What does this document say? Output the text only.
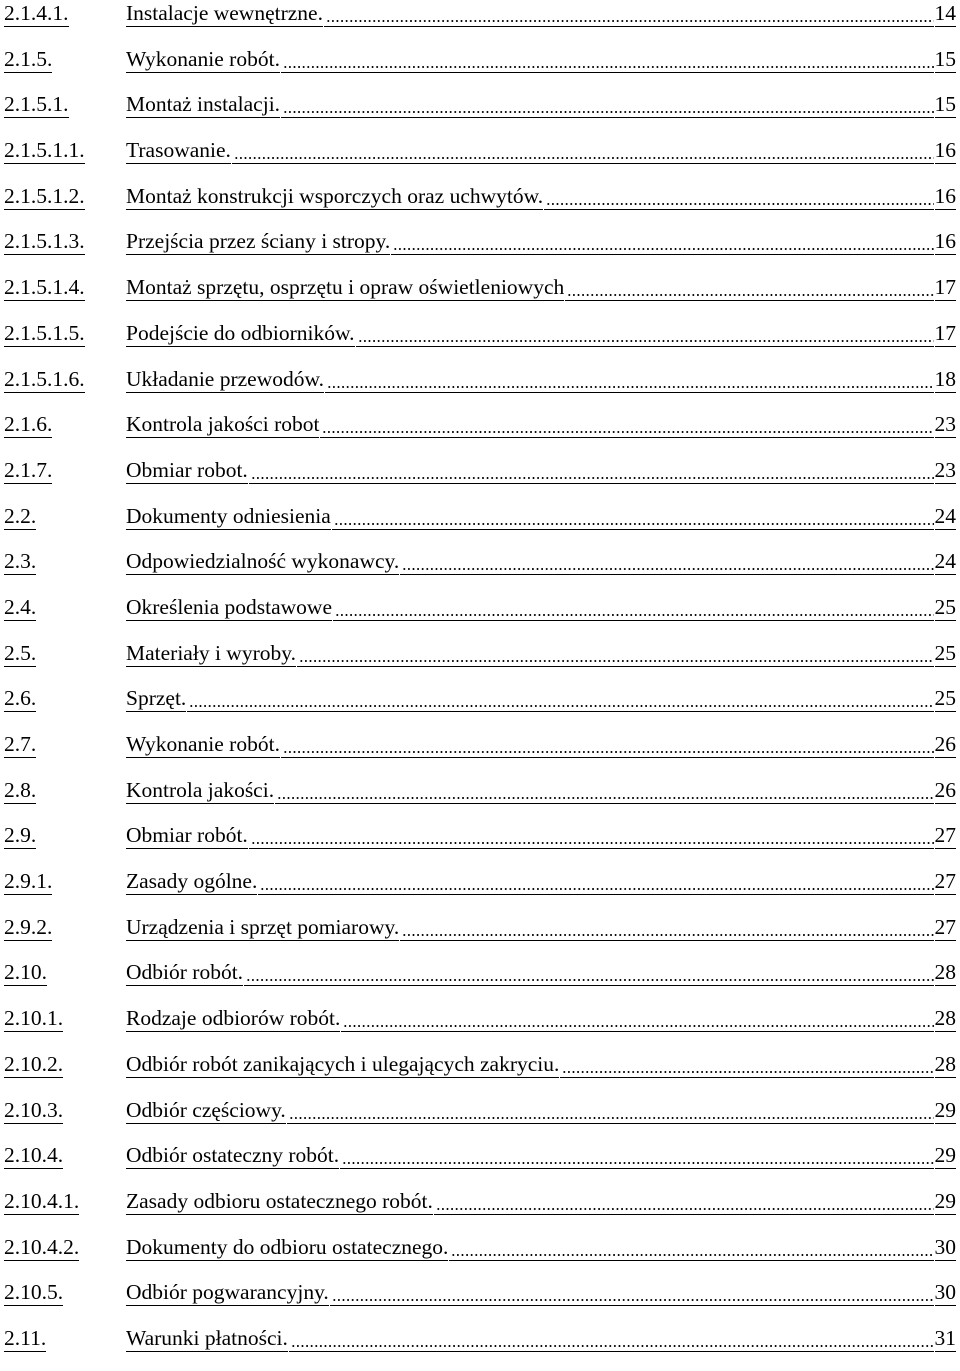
2.1.4.1.	Instalacje wewnętrzne.	14
2.1.5.	Wykonanie robót.	15
2.1.5.1.	Montaż instalacji.	15
2.1.5.1.1. Trasowanie.	16
2.1.5.1.2. Montaż konstrukcji wsporczych oraz uchwytów.	16
2.1.5.1.3. Przejścia przez ściany i stropy.	16
2.1.5.1.4. Montaż sprzętu, osprzętu i opraw oświetleniowych	17
2.1.5.1.5. Podejście do odbiorników.	17
2.1.5.1.6. Układanie przewodów.	18
2.1.6.	Kontrola jakości robot	23
2.1.7.	Obmiar robot.	23
2.2.	Dokumenty odniesienia	24
2.3.	Odpowiedzialność wykonawcy.	24
2.4.	Określenia podstawowe	25
2.5.	Materiały i wyroby.	25
2.6.	Sprzęt.	25
2.7.	Wykonanie robót.	26
2.8.	Kontrola jakości.	26
2.9.	Obmiar robót.	27
2.9.1.	Zasady ogólne.	27
2.9.2.	Urządzenia i sprzęt pomiarowy.	27
2.10.	Odbiór robót.	28
2.10.1.	Rodzaje odbiorów robót.	28
2.10.2.	Odbiór robót zanikających i ulegających zakryciu.	28
2.10.3.	Odbiór częściowy.	29
2.10.4.	Odbiór ostateczny robót.	29
2.10.4.1. Zasady odbioru ostatecznego robót.	29
2.10.4.2. Dokumenty do odbioru ostatecznego.	30
2.10.5.	Odbiór pogwarancyjny.	30
2.11.	Warunki płatności.	31
